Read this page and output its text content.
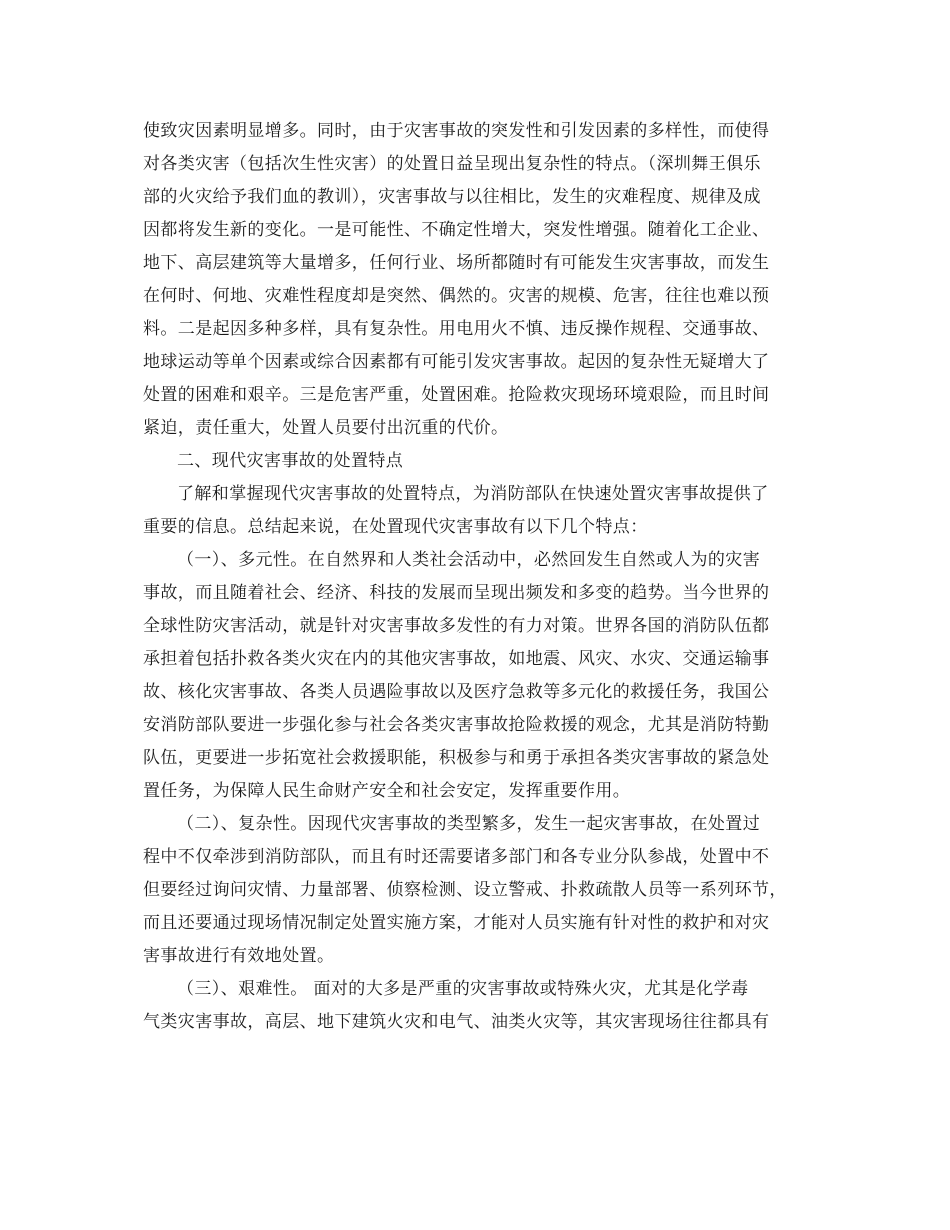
使致灾因素明显增多。同时，由于灾害事故的突发性和引发因素的多样性，而使得
对各类灾害（包括次生性灾害）的处置日益呈现出复杂性的特点。（深圳舞王俱乐
部的火灾给予我们血的教训），灾害事故与以往相比，发生的灾难程度、规律及成
因都将发生新的变化。一是可能性、不确定性增大，突发性增强。随着化工企业、
地下、高层建筑等大量增多，任何行业、场所都随时有可能发生灾害事故，而发生
在何时、何地、灾难性程度却是突然、偶然的。灾害的规模、危害，往往也难以预
料。二是起因多种多样，具有复杂性。用电用火不慎、违反操作规程、交通事故、
地球运动等单个因素或综合因素都有可能引发灾害事故。起因的复杂性无疑增大了
处置的困难和艰辛。三是危害严重，处置困难。抢险救灾现场环境艰险，而且时间
紧迫，责任重大，处置人员要付出沉重的代价。
二、现代灾害事故的处置特点
了解和掌握现代灾害事故的处置特点，为消防部队在快速处置灾害事故提供了
重要的信息。总结起来说，在处置现代灾害事故有以下几个特点：
（一）、多元性。在自然界和人类社会活动中，必然回发生自然或人为的灾害
事故，而且随着社会、经济、科技的发展而呈现出频发和多变的趋势。当今世界的
全球性防灾害活动，就是针对灾害事故多发性的有力对策。世界各国的消防队伍都
承担着包括扑救各类火灾在内的其他灾害事故，如地震、风灾、水灾、交通运输事
故、核化灾害事故、各类人员遇险事故以及医疗急救等多元化的救援任务，我国公
安消防部队要进一步强化参与社会各类灾害事故抢险救援的观念，尤其是消防特勤
队伍，更要进一步拓宽社会救援职能，积极参与和勇于承担各类灾害事故的紧急处
置任务，为保障人民生命财产安全和社会安定，发挥重要作用。
（二）、复杂性。因现代灾害事故的类型繁多，发生一起灾害事故，在处置过
程中不仅牵涉到消防部队，而且有时还需要诸多部门和各专业分队参战，处置中不
但要经过询问灾情、力量部署、侦察检测、设立警戒、扑救疏散人员等一系列环节，
而且还要通过现场情况制定处置实施方案，才能对人员实施有针对性的救护和对灾
害事故进行有效地处置。
（三）、艰难性。 面对的大多是严重的灾害事故或特殊火灾，尤其是化学毒
气类灾害事故，高层、地下建筑火灾和电气、油类火灾等，其灾害现场往往都具有
